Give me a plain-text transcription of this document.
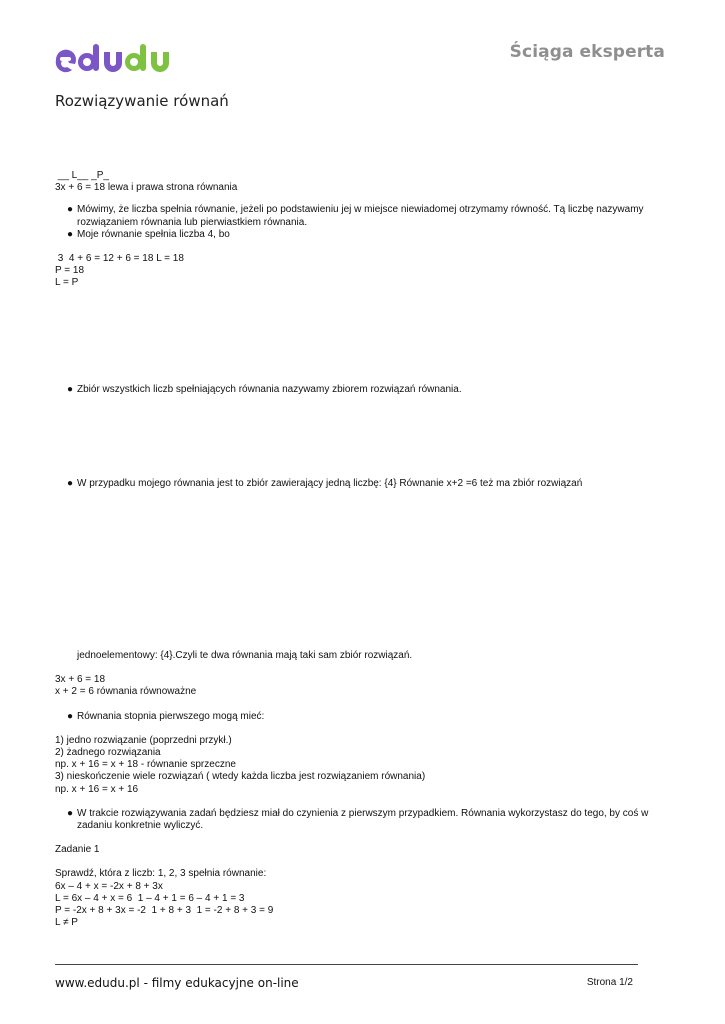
Ściąga eksperta
Rozwiązywanie równań
__ L__ _P_
3x + 6 = 18 lewa i prawa strona równania
● Mówimy, że liczba spełnia równanie, jeżeli po podstawieniu jej w miejsce niewiadomej otrzymamy równość. Tą liczbę nazywamy rozwiązaniem równania lub pierwiastkiem równania.
● Moje równanie spełnia liczba 4, bo
3  4 + 6 = 12 + 6 = 18 L = 18
P = 18
L = P
● Zbiór wszystkich liczb spełniających równania nazywamy zbiorem rozwiązań równania.
● W przypadku mojego równania jest to zbiór zawierający jedną liczbę: {4} Równanie x+2 =6 też ma zbiór rozwiązań
jednoelementowy: {4}.Czyli te dwa równania mają taki sam zbiór rozwiązań.
3x + 6 = 18
x + 2 = 6 równania równoważne
● Równania stopnia pierwszego mogą mieć:
1) jedno rozwiązanie (poprzedni przykł.)
2) żadnego rozwiązania
np. x + 16 = x + 18 - równanie sprzeczne
3) nieskończenie wiele rozwiązań ( wtedy każda liczba jest rozwiązaniem równania)
np. x + 16 = x + 16
● W trakcie rozwiązywania zadań będziesz miał do czynienia z pierwszym przypadkiem. Równania wykorzystasz do tego, by coś w zadaniu konkretnie wyliczyć.
Zadanie 1
Sprawdź, która z liczb: 1, 2, 3 spełnia równanie:
6x – 4 + x = -2x + 8 + 3x
L = 6x – 4 + x = 6  1 – 4 + 1 = 6 – 4 + 1 = 3
P = -2x + 8 + 3x = -2  1 + 8 + 3  1 = -2 + 8 + 3 = 9
L ≠ P
www.edudu.pl - filmy edukacyjne on-line	Strona 1/2
